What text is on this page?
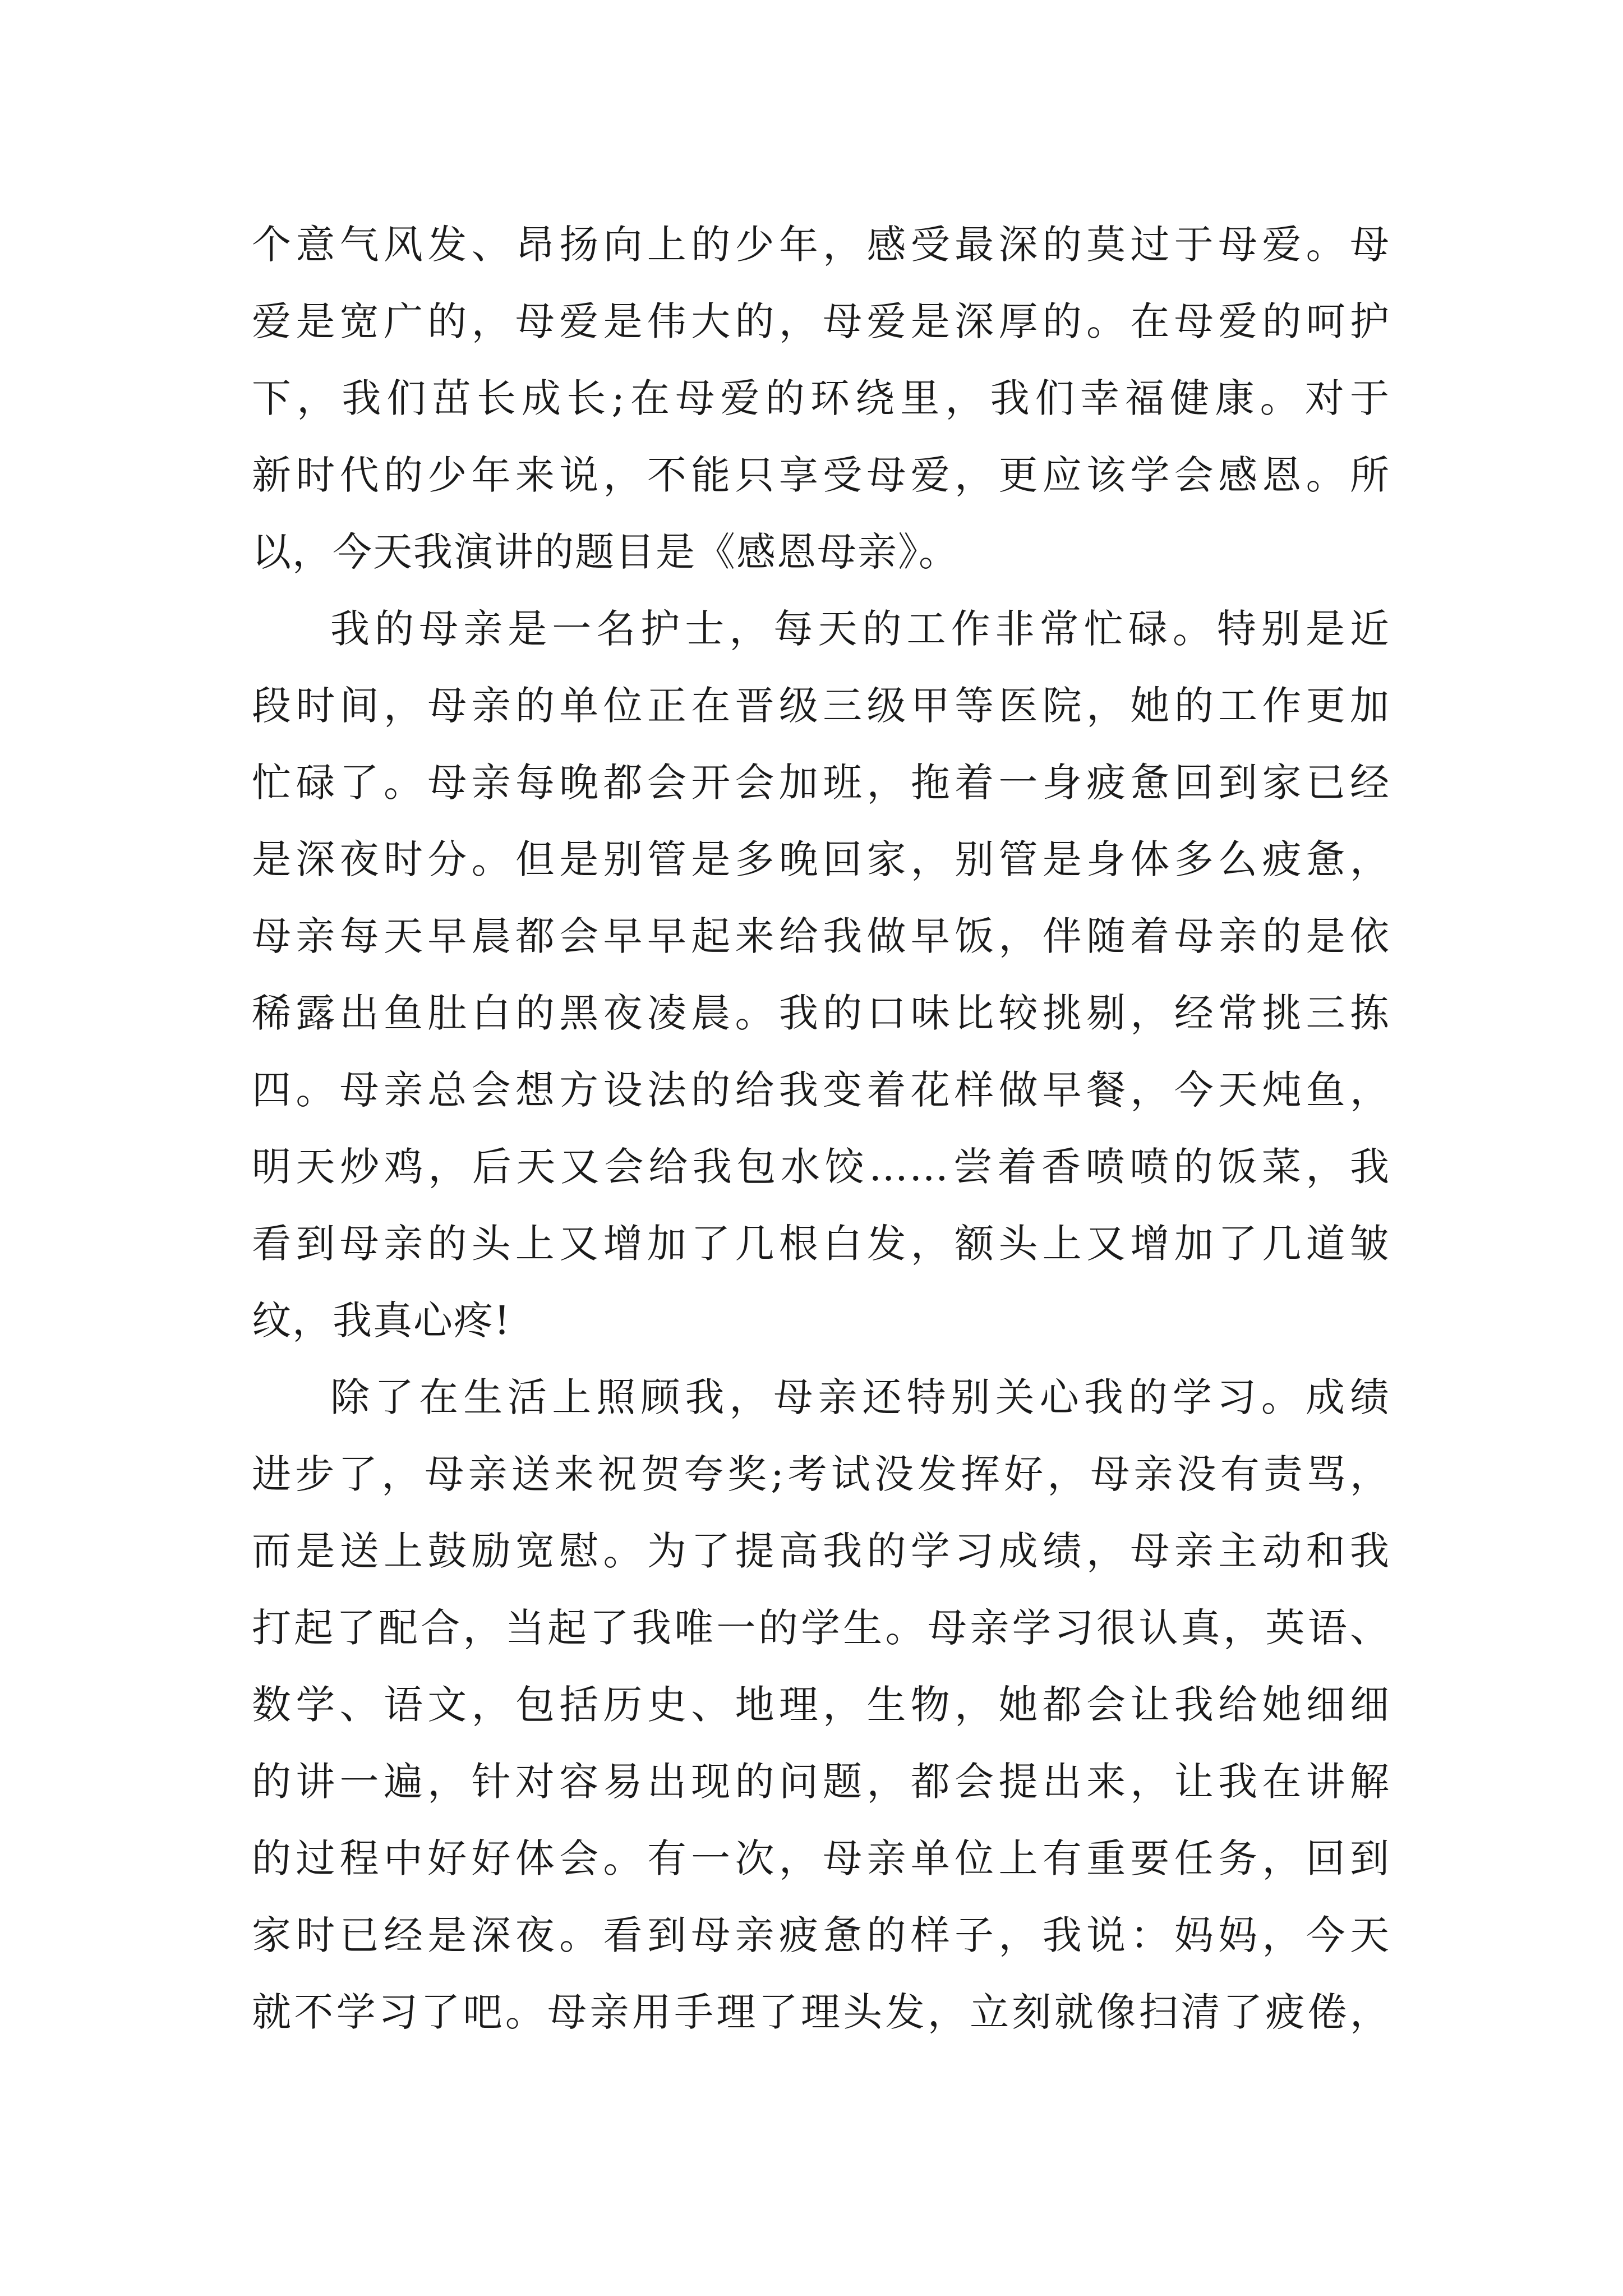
个意气风发、昂扬向上的少年，感受最深的莫过于母爱。母
爱是宽广的，母爱是伟大的，母爱是深厚的。在母爱的呵护
下，我们茁长成长;在母爱的环绕里，我们幸福健康。对于
新时代的少年来说，不能只享受母爱，更应该学会感恩。所
以，今天我演讲的题目是《感恩母亲》。
我的母亲是一名护士，每天的工作非常忙碌。特别是近
段时间，母亲的单位正在晋级三级甲等医院，她的工作更加
忙碌了。母亲每晚都会开会加班，拖着一身疲惫回到家已经
是深夜时分。但是别管是多晚回家，别管是身体多么疲惫，
母亲每天早晨都会早早起来给我做早饭，伴随着母亲的是依
稀露出鱼肚白的黑夜凌晨。我的口味比较挑剔，经常挑三拣
四。母亲总会想方设法的给我变着花样做早餐，今天炖鱼，
明天炒鸡，后天又会给我包水饺……尝着香喷喷的饭菜，我
看到母亲的头上又增加了几根白发，额头上又增加了几道皱
纹，我真心疼!
除了在生活上照顾我，母亲还特别关心我的学习。成绩
进步了，母亲送来祝贺夸奖;考试没发挥好，母亲没有责骂，
而是送上鼓励宽慰。为了提高我的学习成绩，母亲主动和我
打起了配合，当起了我唯一的学生。母亲学习很认真，英语、
数学、语文，包括历史、地理，生物，她都会让我给她细细
的讲一遍，针对容易出现的问题，都会提出来，让我在讲解
的过程中好好体会。有一次，母亲单位上有重要任务，回到
家时已经是深夜。看到母亲疲惫的样子，我说：妈妈，今天
就不学习了吧。母亲用手理了理头发，立刻就像扫清了疲倦，
